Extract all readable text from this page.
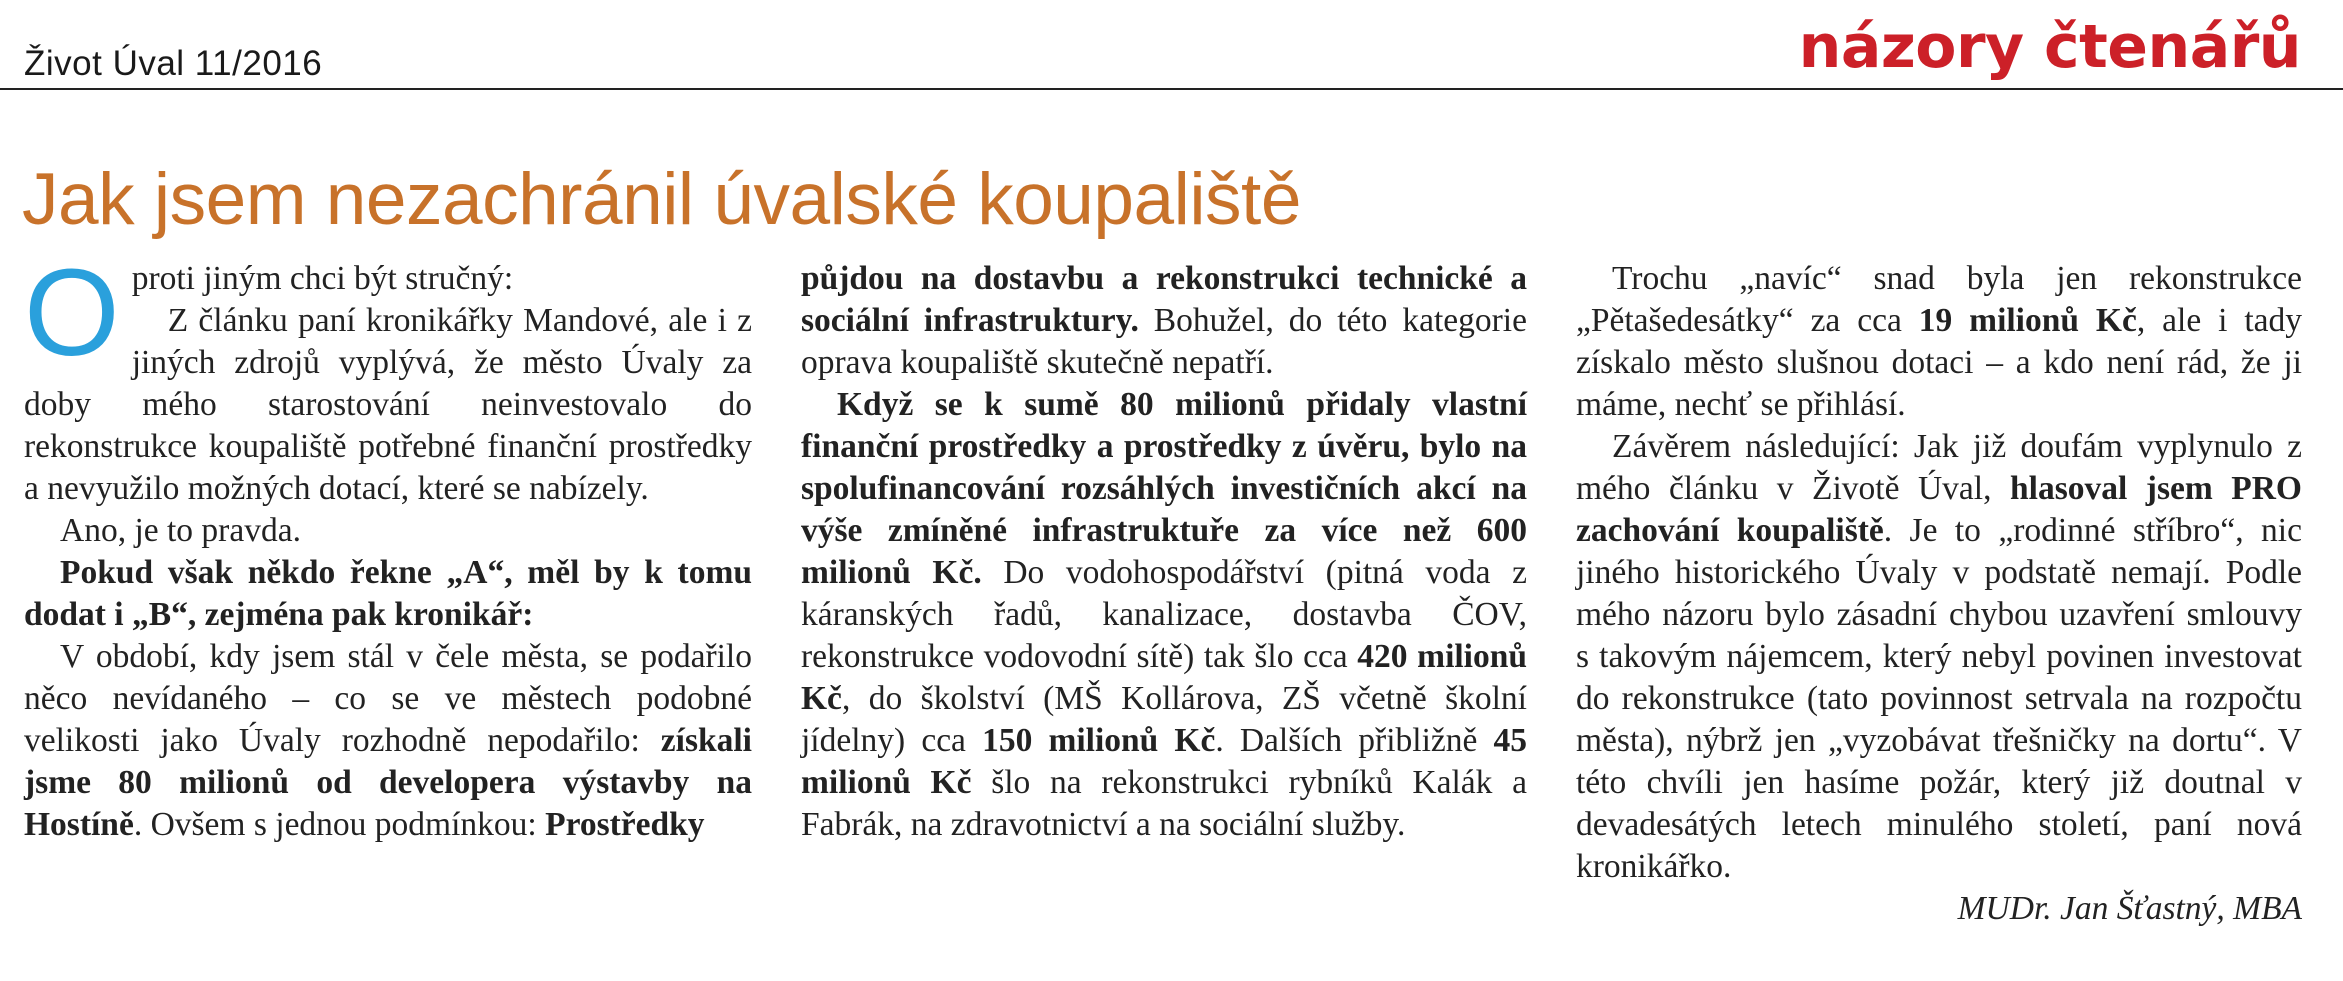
Život Úval 11/2016	názory čtenářů
Jak jsem nezachránil úvalské koupaliště

Oproti jiným chci být stručný:

Z článku paní kronikářky Mandové, ale i z jiných zdrojů vyplývá, že město Úvaly za doby mého starostování neinvestovalo do rekonstrukce koupaliště potřebné finanční prostředky a nevyužilo možných dotací, které se nabízely.

Ano, je to pravda.

Pokud však někdo řekne „A“, měl by k tomu dodat i „B“, zejména pak kronikář:

V období, kdy jsem stál v čele města, se podařilo něco nevídaného – co se ve městech podobné velikosti jako Úvaly rozhodně nepodařilo: získali jsme 80 milionů od developera výstavby na Hostíně. Ovšem s jednou podmínkou: Prostředky

půjdou na dostavbu a rekonstrukci technické a sociální infrastruktury. Bohužel, do této kategorie oprava koupaliště skutečně nepatří.

Když se k sumě 80 milionů přidaly vlastní finanční prostředky a prostředky z úvěru, bylo na spolufinancování rozsáhlých investičních akcí na výše zmíněné infrastruktuře za více než 600 milionů Kč. Do vodohospodářství (pitná voda z káranských řadů, kanalizace, dostavba ČOV, rekonstrukce vodovodní sítě) tak šlo cca 420 milionů Kč, do školství (MŠ Kollárova, ZŠ včetně školní jídelny) cca 150 milionů Kč. Dalších přibližně 45 milionů Kč šlo na rekonstrukci rybníků Kalák a Fabrák, na zdravotnictví a na sociální služby.

Trochu „navíc“ snad byla jen rekonstrukce „Pětašedesátky“ za cca 19 milionů Kč, ale i tady získalo město slušnou dotaci – a kdo není rád, že ji máme, nechť se přihlásí.

Závěrem následující: Jak již doufám vyplynulo z mého článku v Životě Úval, hlasoval jsem PRO zachování koupaliště. Je to „rodinné stříbro“, nic jiného historického Úvaly v podstatě nemají. Podle mého názoru bylo zásadní chybou uzavření smlouvy s takovým nájemcem, který nebyl povinen investovat do rekonstrukce (tato povinnost setrvala na rozpočtu města), nýbrž jen „vyzobávat třešničky na dortu“. V této chvíli jen hasíme požár, který již doutnal v devadesátých letech minulého století, paní nová kronikářko.

MUDr. Jan Šťastný, MBA
